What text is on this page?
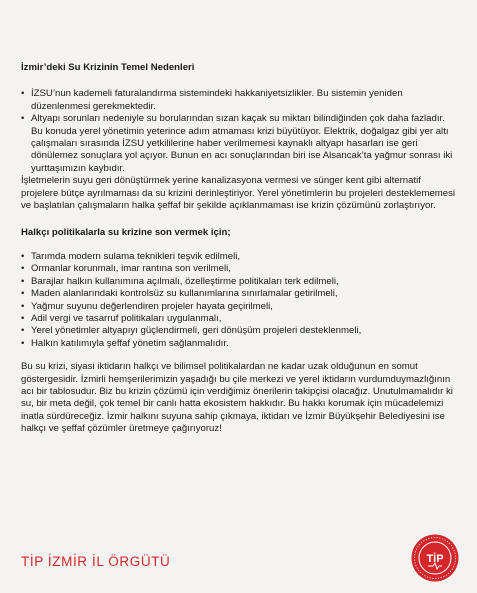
İzmir’deki Su Krizinin Temel Nedenleri

• İZSU’nun kademeli faturalandırma sistemindeki hakkaniyetsizlikler. Bu sistemin yeniden düzenlenmesi gerekmektedir.
• Altyapı sorunları nedeniyle su borularından sızan kaçak su miktarı bilindiğinden çok daha fazladır. Bu konuda yerel yönetimin yeterince adım atmaması krizi büyütüyor. Elektrik, doğalgaz gibi yer altı çalışmaları sırasında İZSU yetkililerine haber verilmemesi kaynaklı altyapı hasarları ise geri dönülemez sonuçlara yol açıyor. Bunun en acı sonuçlarından biri ise Alsancak’ta yağmur sonrası iki yurttaşımızın kaybıdır.

İşletmelerin suyu geri dönüştürmek yerine kanalizasyona vermesi ve sünger kent gibi alternatif projelere bütçe ayrılmaması da su krizini derinleştiriyor. Yerel yönetimlerin bu projeleri desteklememesi ve başlatılan çalışmaların halka şeffaf bir şekilde açıklanmaması ise krizin çözümünü zorlaştırıyor.

Halkçı politikalarla su krizine son vermek için;

• Tarımda modern sulama teknikleri teşvik edilmeli,
• Ormanlar korunmalı, imar rantına son verilmeli,
• Barajlar halkın kullanımına açılmalı, özelleştirme politikaları terk edilmeli,
• Maden alanlarındaki kontrolsüz su kullanımlarına sınırlamalar getirilmeli,
• Yağmur suyunu değerlendiren projeler hayata geçirilmeli,
• Adil vergi ve tasarruf politikaları uygulanmalı,
• Yerel yönetimler altyapıyı güçlendirmeli, geri dönüşüm projeleri desteklenmeli,
• Halkın katılımıyla şeffaf yönetim sağlanmalıdır.

Bu su krizi, siyasi iktidarın halkçı ve bilimsel politikalardan ne kadar uzak olduğunun en somut göstergesidir. İzmirli hemşerilerimizin yaşadığı bu çile merkezi ve yerel iktidarın vurdumduymazlığının acı bir tablosudur. Biz bu krizin çözümü için verdiğimiz önerilerin takipçisi olacağız. Unutulmamalıdır ki su, bir meta değil, çok temel bir canlı hatta ekosistem hakkıdır. Bu hakkı korumak için mücadelemizi inatla sürdüreceğiz. İzmir halkını suyuna sahip çıkmaya, iktidarı ve İzmir Büyükşehir Belediyesini ise halkçı ve şeffaf çözümler üretmeye çağırıyoruz!

TİP İZMİR İL ÖRGÜTÜ	TİP
